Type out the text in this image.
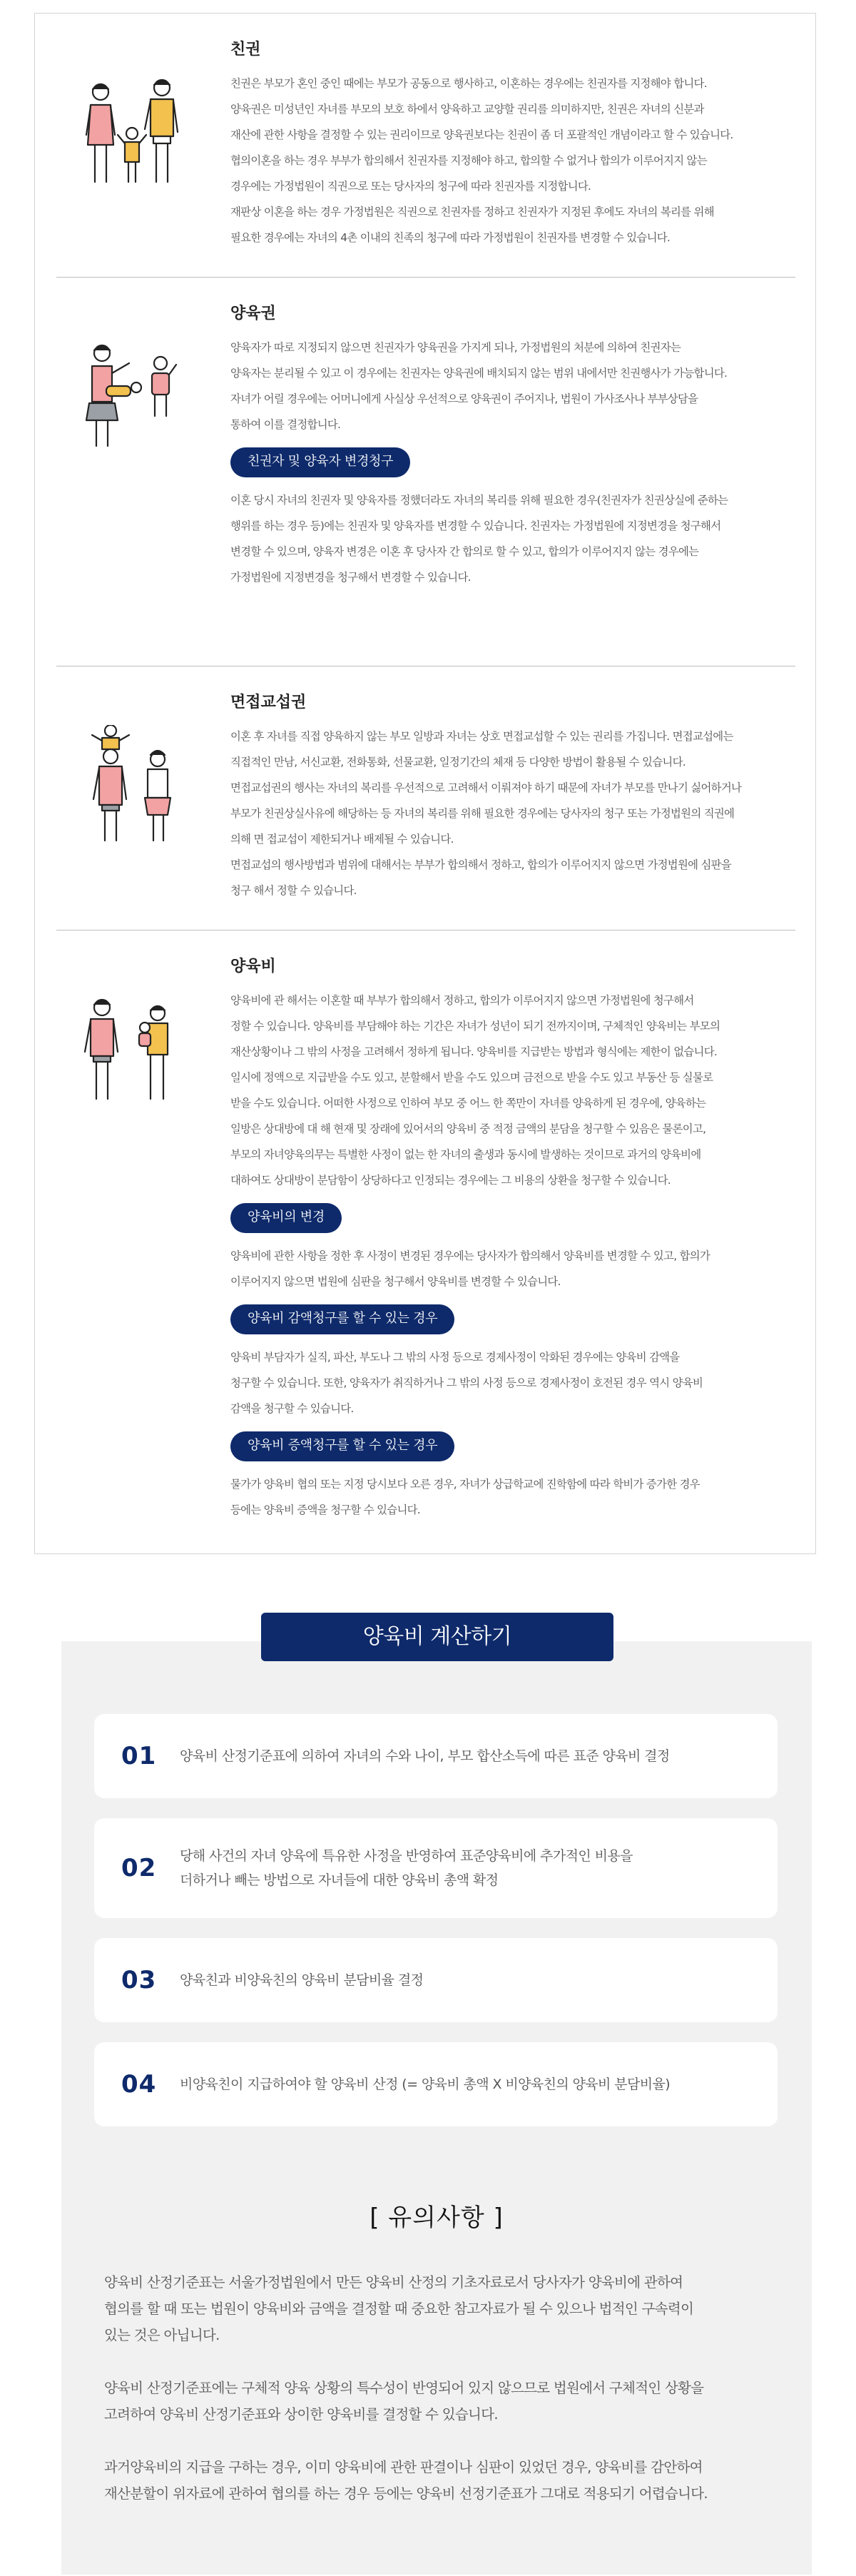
친권

친권은 부모가 혼인 중인 때에는 부모가 공동으로 행사하고, 이혼하는 경우에는 친권자를 지정해야 합니다.
양육권은 미성년인 자녀를 부모의 보호 하에서 양육하고 교양할 권리를 의미하지만, 친권은 자녀의 신분과
재산에 관한 사항을 결정할 수 있는 권리이므로 양육권보다는 친권이 좀 더 포괄적인 개념이라고 할 수 있습니다.
협의이혼을 하는 경우 부부가 합의해서 친권자를 지정해야 하고, 합의할 수 없거나 합의가 이루어지지 않는
경우에는 가정법원이 직권으로 또는 당사자의 청구에 따라 친권자를 지정합니다.
재판상 이혼을 하는 경우 가정법원은 직권으로 친권자를 정하고 친권자가 지정된 후에도 자녀의 복리를 위해
필요한 경우에는 자녀의 4촌 이내의 친족의 청구에 따라 가정법원이 친권자를 변경할 수 있습니다.

양육권

양육자가 따로 지정되지 않으면 친권자가 양육권을 가지게 되나, 가정법원의 처분에 의하여 친권자는
양육자는 분리될 수 있고 이 경우에는 친권자는 양육권에 배치되지 않는 범위 내에서만 친권행사가 가능합니다.
자녀가 어릴 경우에는 어머니에게 사실상 우선적으로 양육권이 주어지나, 법원이 가사조사나 부부상담을
통하여 이를 결정합니다.

친권자 및 양육자 변경청구

이혼 당시 자녀의 친권자 및 양육자를 정했더라도 자녀의 복리를 위해 필요한 경우(친권자가 친권상실에 준하는
행위를 하는 경우 등)에는 친권자 및 양육자를 변경할 수 있습니다. 친권자는 가정법원에 지정변경을 청구해서
변경할 수 있으며, 양육자 변경은 이혼 후 당사자 간 합의로 할 수 있고, 합의가 이루어지지 않는 경우에는
가정법원에 지정변경을 청구해서 변경할 수 있습니다.

면접교섭권

이혼 후 자녀를 직접 양육하지 않는 부모 일방과 자녀는 상호 면접교섭할 수 있는 권리를 가집니다. 면접교섭에는
직접적인 만남, 서신교환, 전화통화, 선물교환, 일정기간의 체재 등 다양한 방법이 활용될 수 있습니다.
면접교섭권의 행사는 자녀의 복리를 우선적으로 고려해서 이뤄져야 하기 때문에 자녀가 부모를 만나기 싫어하거나
부모가 친권상실사유에 해당하는 등 자녀의 복리를 위해 필요한 경우에는 당사자의 청구 또는 가정법원의 직권에
의해 면 접교섭이 제한되거나 배제될 수 있습니다.
면접교섭의 행사방법과 범위에 대해서는 부부가 합의해서 정하고, 합의가 이루어지지 않으면 가정법원에 심판을
청구 해서 정할 수 있습니다.

양육비

양육비에 관 해서는 이혼할 때 부부가 합의해서 정하고, 합의가 이루어지지 않으면 가정법원에 청구해서
정할 수 있습니다. 양육비를 부담해야 하는 기간은 자녀가 성년이 되기 전까지이며, 구체적인 양육비는 부모의
재산상황이나 그 밖의 사정을 고려해서 정하게 됩니다. 양육비를 지급받는 방법과 형식에는 제한이 없습니다.
일시에 정액으로 지급받을 수도 있고, 분할해서 받을 수도 있으며 금전으로 받을 수도 있고 부동산 등 실물로
받을 수도 있습니다. 어떠한 사정으로 인하여 부모 중 어느 한 쪽만이 자녀를 양육하게 된 경우에, 양육하는
일방은 상대방에 대 해 현재 및 장래에 있어서의 양육비 중 적정 금액의 분담을 청구할 수 있음은 물론이고,
부모의 자녀양육의무는 특별한 사정이 없는 한 자녀의 출생과 동시에 발생하는 것이므로 과거의 양육비에
대하여도 상대방이 분담함이 상당하다고 인정되는 경우에는 그 비용의 상환을 청구할 수 있습니다.

양육비의 변경

양육비에 관한 사항을 정한 후 사정이 변경된 경우에는 당사자가 합의해서 양육비를 변경할 수 있고, 합의가
이루어지지 않으면 법원에 심판을 청구해서 양육비를 변경할 수 있습니다.

양육비 감액청구를 할 수 있는 경우

양육비 부담자가 실직, 파산, 부도나 그 밖의 사정 등으로 경제사정이 악화된 경우에는 양육비 감액을
청구할 수 있습니다. 또한, 양육자가 취직하거나 그 밖의 사정 등으로 경제사정이 호전된 경우 역시 양육비
감액을 청구할 수 있습니다.

양육비 증액청구를 할 수 있는 경우

물가가 양육비 협의 또는 지정 당시보다 오른 경우, 자녀가 상급학교에 진학함에 따라 학비가 증가한 경우
등에는 양육비 증액을 청구할 수 있습니다.

양육비 계산하기
01 양육비 산정기준표에 의하여 자녀의 수와 나이, 부모 합산소득에 따른 표준 양육비 결정
02 당해 사건의 자녀 양육에 특유한 사정을 반영하여 표준양육비에 추가적인 비용을
더하거나 빼는 방법으로 자녀들에 대한 양육비 총액 확정
03 양육친과 비양육친의 양육비 분담비율 결정
04 비양육친이 지급하여야 할 양육비 산정 (= 양육비 총액 X 비양육친의 양육비 분담비율)
[ 유의사항 ]

양육비 산정기준표는 서울가정법원에서 만든 양육비 산정의 기초자료로서 당사자가 양육비에 관하여
협의를 할 때 또는 법원이 양육비와 금액을 결정할 때 중요한 참고자료가 될 수 있으나 법적인 구속력이
있는 것은 아닙니다.

양육비 산정기준표에는 구체적 양육 상황의 특수성이 반영되어 있지 않으므로 법원에서 구체적인 상황을
고려하여 양육비 산정기준표와 상이한 양육비를 결정할 수 있습니다.

과거양육비의 지급을 구하는 경우, 이미 양육비에 관한 판결이나 심판이 있었던 경우, 양육비를 감안하여
재산분할이 위자료에 관하여 협의를 하는 경우 등에는 양육비 선정기준표가 그대로 적용되기 어렵습니다.
